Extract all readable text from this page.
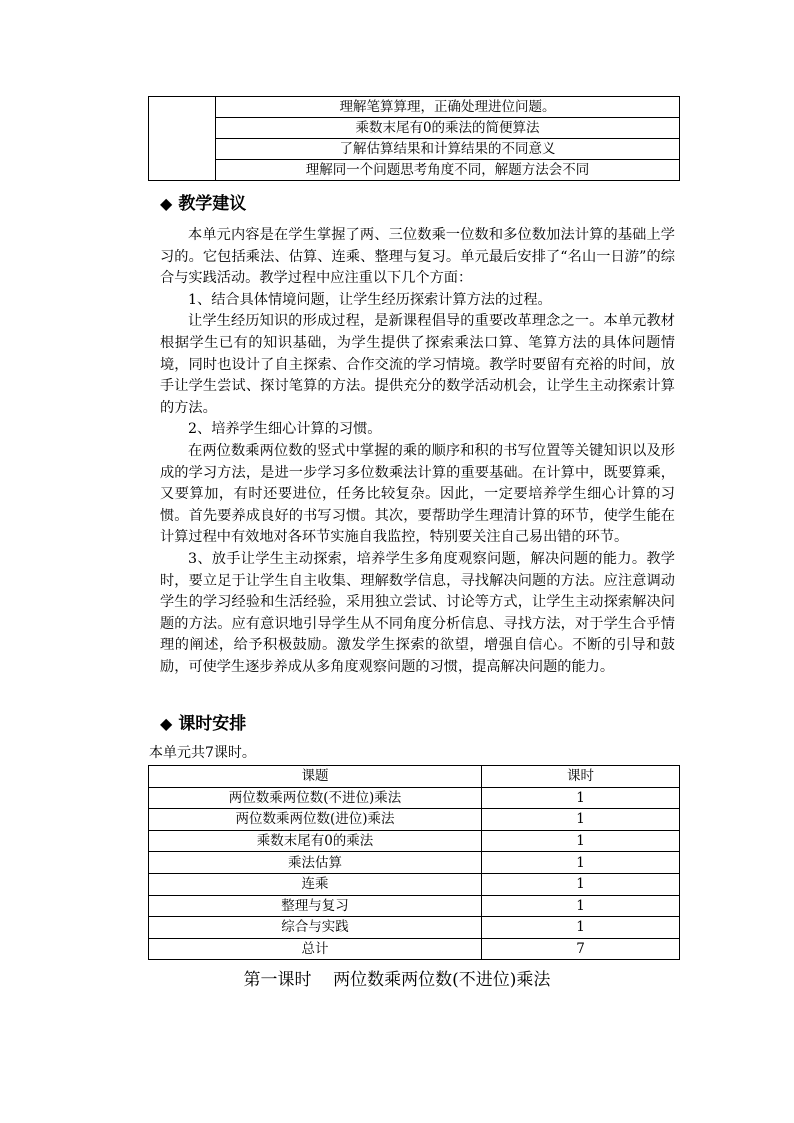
	理解笔算算理，正确处理进位问题。
乘数末尾有0的乘法的简便算法
了解估算结果和计算结果的不同意义
理解同一个问题思考角度不同，解题方法会不同
◆ 教学建议

本单元内容是在学生掌握了两、三位数乘一位数和多位数加法计算的基础上学习的。它包括乘法、估算、连乘、整理与复习。单元最后安排了“名山一日游”的综合与实践活动。教学过程中应注重以下几个方面：

1、结合具体情境问题，让学生经历探索计算方法的过程。

让学生经历知识的形成过程，是新课程倡导的重要改革理念之一。本单元教材根据学生已有的知识基础，为学生提供了探索乘法口算、笔算方法的具体问题情境，同时也设计了自主探索、合作交流的学习情境。教学时要留有充裕的时间，放手让学生尝试、探讨笔算的方法。提供充分的数学活动机会，让学生主动探索计算的方法。

2、培养学生细心计算的习惯。

在两位数乘两位数的竖式中掌握的乘的顺序和积的书写位置等关键知识以及形成的学习方法，是进一步学习多位数乘法计算的重要基础。在计算中，既要算乘，又要算加，有时还要进位，任务比较复杂。因此，一定要培养学生细心计算的习惯。首先要养成良好的书写习惯。其次，要帮助学生理清计算的环节，使学生能在计算过程中有效地对各环节实施自我监控，特别要关注自己易出错的环节。

3、放手让学生主动探索，培养学生多角度观察问题，解决问题的能力。教学时，要立足于让学生自主收集、理解数学信息，寻找解决问题的方法。应注意调动学生的学习经验和生活经验，采用独立尝试、讨论等方式，让学生主动探索解决问题的方法。应有意识地引导学生从不同角度分析信息、寻找方法，对于学生合乎情理的阐述，给予积极鼓励。激发学生探索的欲望，增强自信心。不断的引导和鼓励，可使学生逐步养成从多角度观察问题的习惯，提高解决问题的能力。

◆ 课时安排
本单元共7课时。
课题	课时
两位数乘两位数(不进位)乘法	1
两位数乘两位数(进位)乘法	1
乘数末尾有0的乘法	1
乘法估算	1
连乘	1
整理与复习	1
综合与实践	1
总计	7
第一课时    两位数乘两位数(不进位)乘法
